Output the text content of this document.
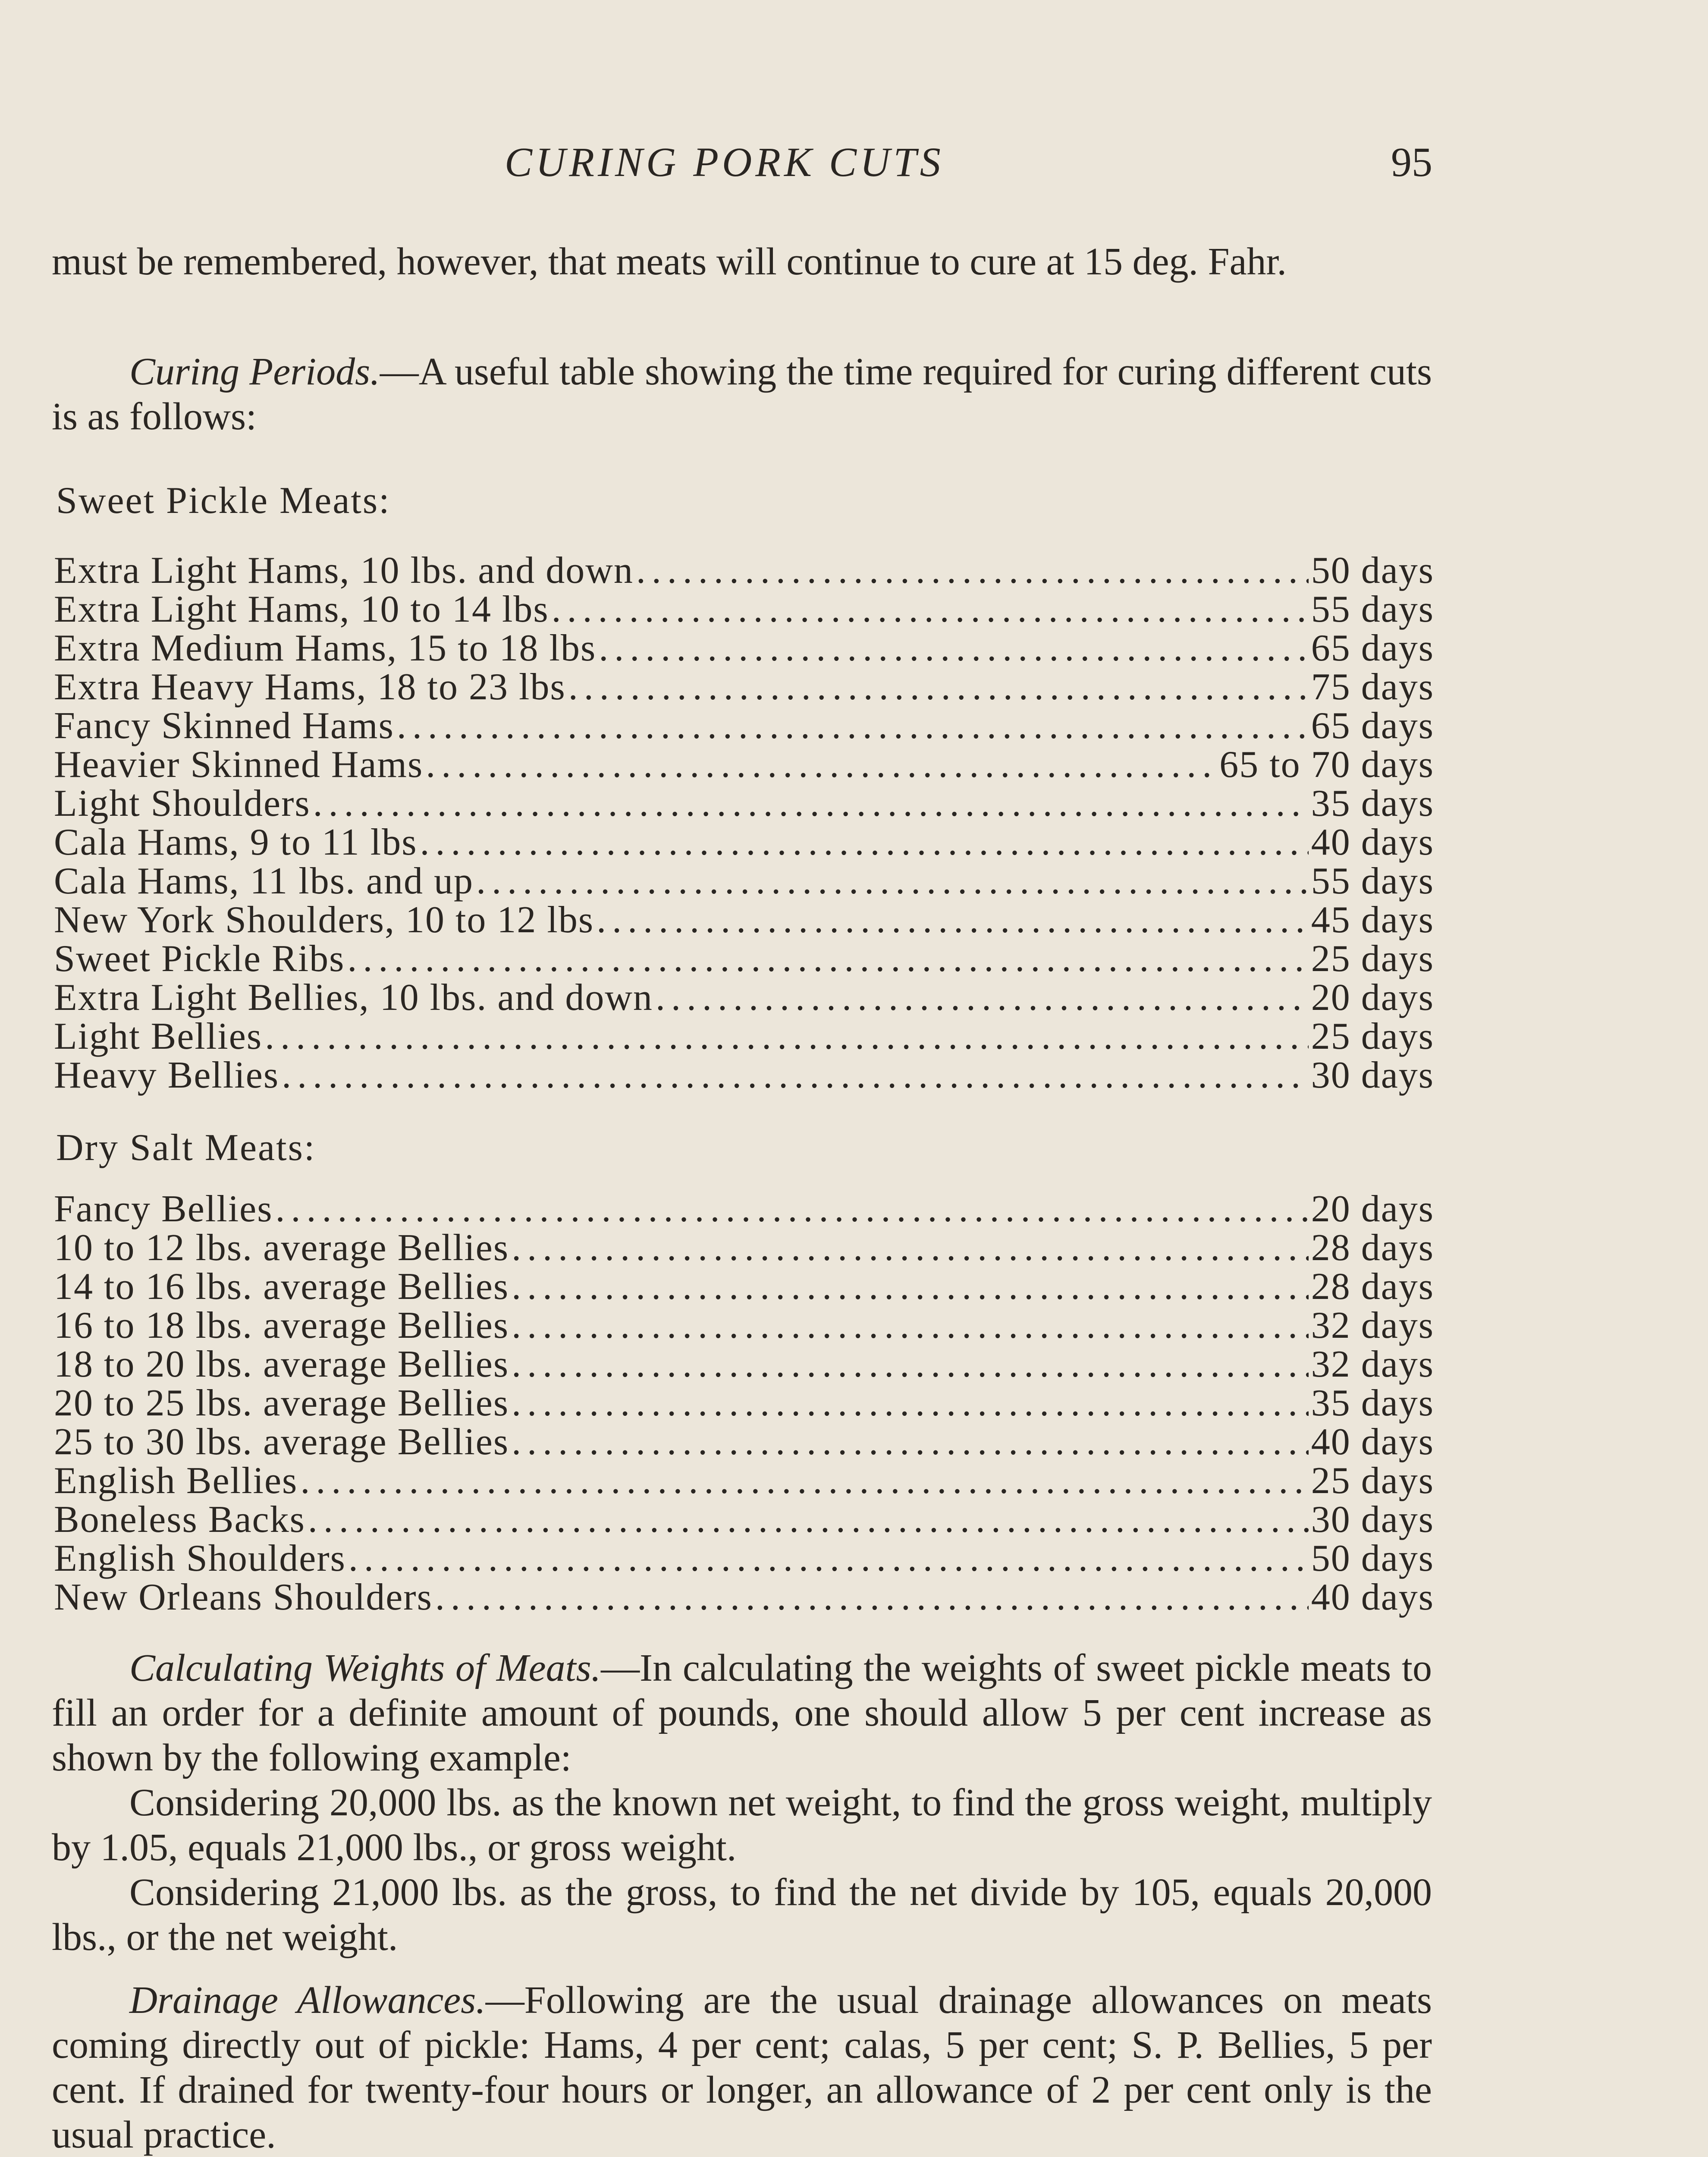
CURING PORK CUTS	95

must be remembered, however, that meats will continue to cure at 15 deg. Fahr.

Curing Periods.—A useful table showing the time required for curing different cuts is as follows:

Sweet Pickle Meats:
Extra Light Hams, 10 lbs. and down .....	50 days
Extra Light Hams, 10 to 14 lbs .....	55 days
Extra Medium Hams, 15 to 18 lbs .....	65 days
Extra Heavy Hams, 18 to 23 lbs .....	75 days
Fancy Skinned Hams .....	65 days
Heavier Skinned Hams .....	65 to 70 days
Light Shoulders .....	35 days
Cala Hams, 9 to 11 lbs .....	40 days
Cala Hams, 11 lbs. and up .....	55 days
New York Shoulders, 10 to 12 lbs .....	45 days
Sweet Pickle Ribs .....	25 days
Extra Light Bellies, 10 lbs. and down .....	20 days
Light Bellies .....	25 days
Heavy Bellies .....	30 days
Dry Salt Meats:
Fancy Bellies .....	20 days
10 to 12 lbs. average Bellies .....	28 days
14 to 16 lbs. average Bellies .....	28 days
16 to 18 lbs. average Bellies .....	32 days
18 to 20 lbs. average Bellies .....	32 days
20 to 25 lbs. average Bellies .....	35 days
25 to 30 lbs. average Bellies .....	40 days
English Bellies .....	25 days
Boneless Backs .....	30 days
English Shoulders .....	50 days
New Orleans Shoulders .....	40 days

Calculating Weights of Meats.—In calculating the weights of sweet pickle meats to fill an order for a definite amount of pounds, one should allow 5 per cent increase as shown by the following example:

Considering 20,000 lbs. as the known net weight, to find the gross weight, multiply by 1.05, equals 21,000 lbs., or gross weight.

Considering 21,000 lbs. as the gross, to find the net divide by 105, equals 20,000 lbs., or the net weight.

Drainage Allowances.—Following are the usual drainage allowances on meats coming directly out of pickle: Hams, 4 per cent; calas, 5 per cent; S. P. Bellies, 5 per cent. If drained for twenty-four hours or longer, an allowance of 2 per cent only is the usual practice.
